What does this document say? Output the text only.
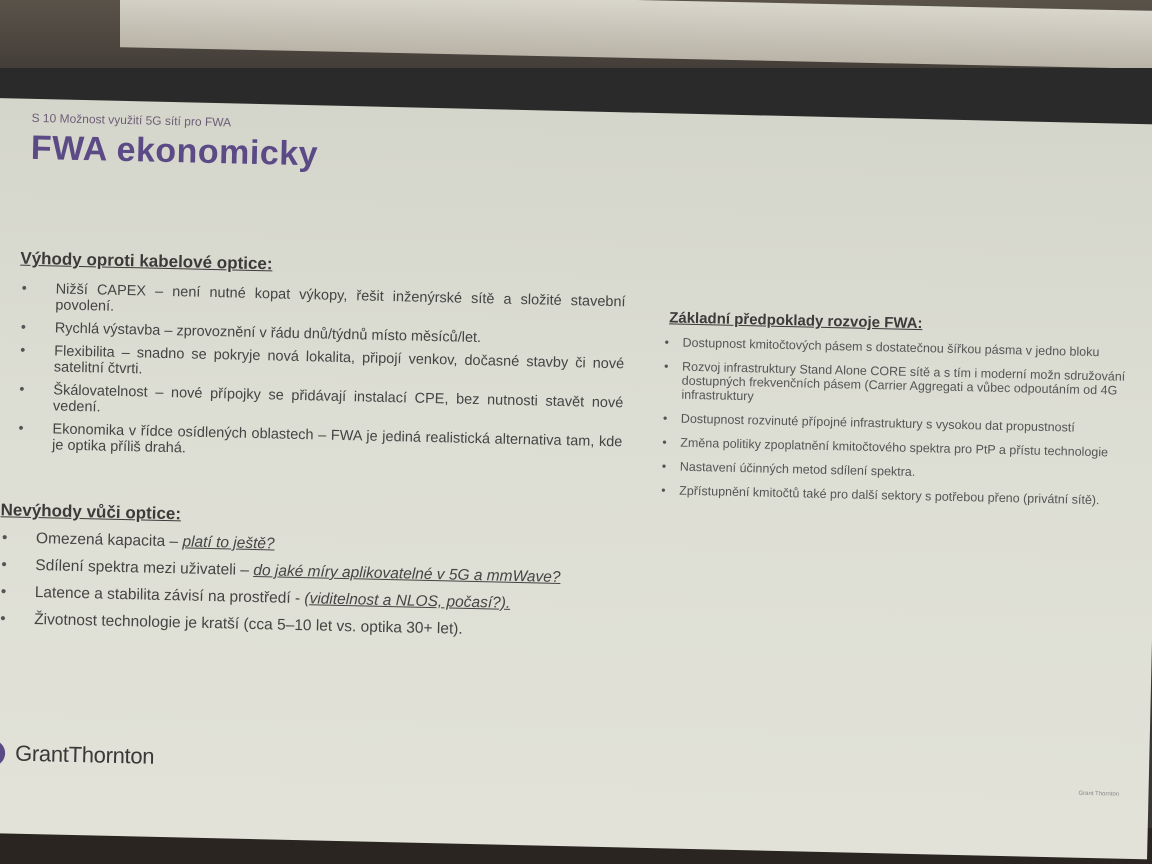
S 10 Možnost využití 5G sítí pro FWA
FWA ekonomicky
Výhody oproti kabelové optice:
• Nižší CAPEX – není nutné kopat výkopy, řešit inženýrské sítě a složité stavební povolení.
• Rychlá výstavba – zprovoznění v řádu dnů/týdnů místo měsíců/let.
• Flexibilita – snadno se pokryje nová lokalita, připojí venkov, dočasné stavby či nové satelitní čtvrti.
• Škálovatelnost – nové přípojky se přidávají instalací CPE, bez nutnosti stavět nové vedení.
• Ekonomika v řídce osídlených oblastech – FWA je jediná realistická alternativa tam, kde je optika příliš drahá.
Nevýhody vůči optice:
• Omezená kapacita – platí to ještě?
• Sdílení spektra mezi uživateli – do jaké míry aplikovatelné v 5G a mmWave?
• Latence a stabilita závisí na prostředí - (viditelnost a NLOS, počasí?).
• Životnost technologie je kratší (cca 5–10 let vs. optika 30+ let).
Základní předpoklady rozvoje FWA:
• Dostupnost kmitočtových pásem s dostatečnou šířkou pásma v jedno bloku
• Rozvoj infrastruktury Stand Alone CORE sítě a s tím i moderní možn sdružování dostupných frekvenčních pásem (Carrier Aggregati a vůbec odpoutáním od 4G infrastruktury
• Dostupnost rozvinuté přípojné infrastruktury s vysokou dat propustností
• Změna politiky zpoplatnění kmitočtového spektra pro PtP a přístu technologie
• Nastavení účinných metod sdílení spektra.
• Zpřístupnění kmitočtů také pro další sektory s potřebou přeno (privátní sítě).
GrantThornton
Grant Thornton
